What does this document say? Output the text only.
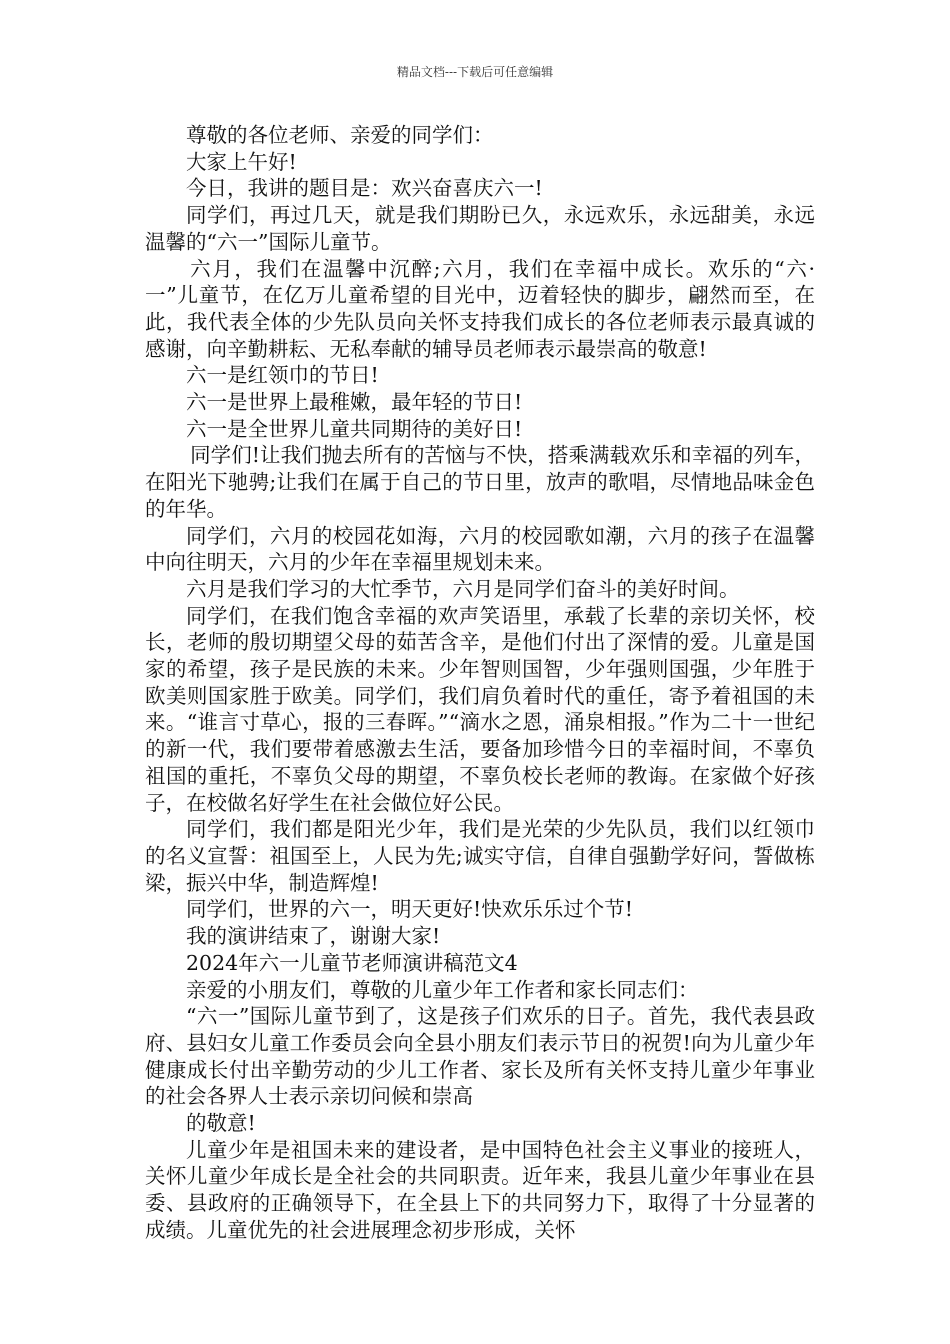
精品文档---下载后可任意编辑

尊敬的各位老师、亲爱的同学们：

大家上午好!

今日，我讲的题目是：欢兴奋喜庆六一!

同学们，再过几天，就是我们期盼已久，永远欢乐，永远甜美，永远温馨的“六一”国际儿童节。

六月，我们在温馨中沉醉;六月，我们在幸福中成长。欢乐的“六·一”儿童节，在亿万儿童希望的目光中，迈着轻快的脚步，翩然而至，在此，我代表全体的少先队员向关怀支持我们成长的各位老师表示最真诚的感谢，向辛勤耕耘、无私奉献的辅导员老师表示最崇高的敬意!

六一是红领巾的节日!

六一是世界上最稚嫩，最年轻的节日!

六一是全世界儿童共同期待的美好日!

同学们!让我们抛去所有的苦恼与不快，搭乘满载欢乐和幸福的列车，在阳光下驰骋;让我们在属于自己的节日里，放声的歌唱，尽情地品味金色的年华。

同学们，六月的校园花如海，六月的校园歌如潮，六月的孩子在温馨中向往明天，六月的少年在幸福里规划未来。

六月是我们学习的大忙季节，六月是同学们奋斗的美好时间。

同学们，在我们饱含幸福的欢声笑语里，承载了长辈的亲切关怀，校长，老师的殷切期望父母的茹苦含辛，是他们付出了深情的爱。儿童是国家的希望，孩子是民族的未来。少年智则国智，少年强则国强，少年胜于欧美则国家胜于欧美。同学们，我们肩负着时代的重任，寄予着祖国的未来。“谁言寸草心，报的三春晖。”“滴水之恩，涌泉相报。”作为二十一世纪的新一代，我们要带着感激去生活，要备加珍惜今日的幸福时间，不辜负祖国的重托，不辜负父母的期望，不辜负校长老师的教诲。在家做个好孩子，在校做名好学生在社会做位好公民。

同学们，我们都是阳光少年，我们是光荣的少先队员，我们以红领巾的名义宣誓：祖国至上，人民为先;诚实守信，自律自强勤学好问，誓做栋梁，振兴中华，制造辉煌!

同学们，世界的六一，明天更好!快欢乐乐过个节!

我的演讲结束了，谢谢大家!

2024年六一儿童节老师演讲稿范文4

亲爱的小朋友们，尊敬的儿童少年工作者和家长同志们：

“六一”国际儿童节到了，这是孩子们欢乐的日子。首先，我代表县政府、县妇女儿童工作委员会向全县小朋友们表示节日的祝贺!向为儿童少年健康成长付出辛勤劳动的少儿工作者、家长及所有关怀支持儿童少年事业的社会各界人士表示亲切问候和崇高

的敬意!

儿童少年是祖国未来的建设者，是中国特色社会主义事业的接班人，关怀儿童少年成长是全社会的共同职责。近年来，我县儿童少年事业在县委、县政府的正确领导下，在全县上下的共同努力下，取得了十分显著的成绩。儿童优先的社会进展理念初步形成，关怀
